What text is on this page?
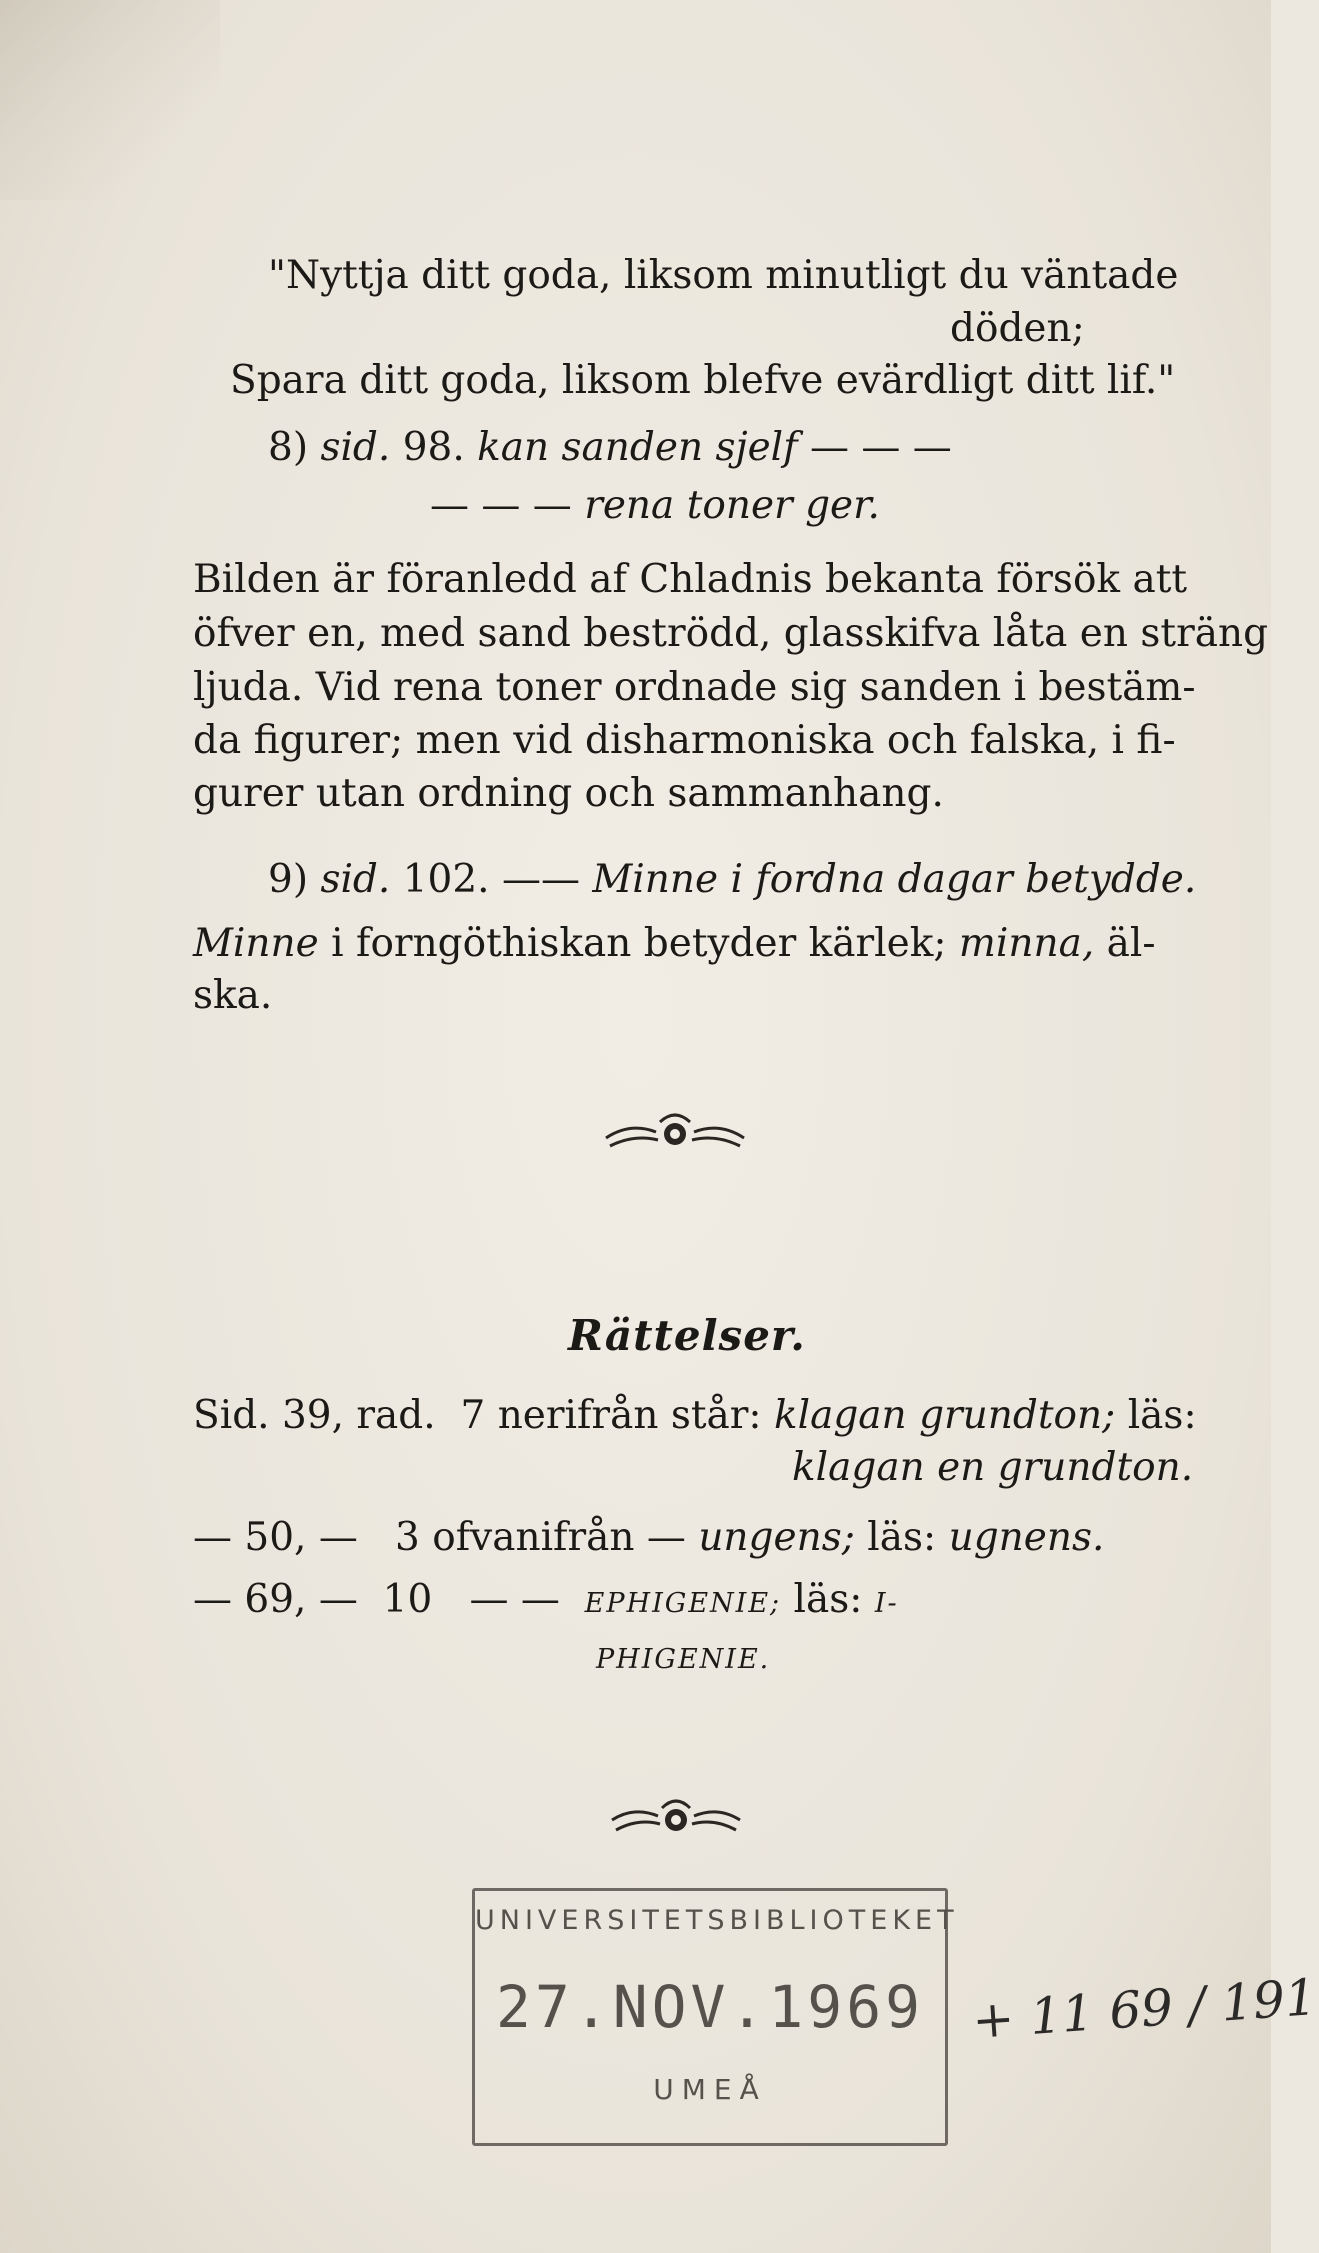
"Nyttja ditt goda, liksom minutligt du väntade
döden;
Spara ditt goda, liksom blefve evärdligt ditt lif."
8) sid. 98. kan sanden sjelf — — —
— — — rena toner ger.
Bilden är föranledd af Chladnis bekanta försök att
öfver en, med sand beströdd, glasskifva låta en sträng
ljuda. Vid rena toner ordnade sig sanden i bestäm-
da figurer; men vid disharmoniska och falska, i fi-
gurer utan ordning och sammanhang.
9) sid. 102. —— Minne i fordna dagar betydde.
Minne i forngöthiskan betyder kärlek; minna, äl-
ska.
Rättelser.
Sid. 39, rad. 7 nerifrån står: klagan grundton; läs:
klagan en grundton.
— 50, — 3 ofvanifrån — ungens; läs: ugnens.
— 69, — 10 — — EPHIGENIE; läs: I-
PHIGENIE.
UNIVERSITETSBIBLIOTEKET
27.NOV.1969
UMEÅ
+ 11 69 / 191
